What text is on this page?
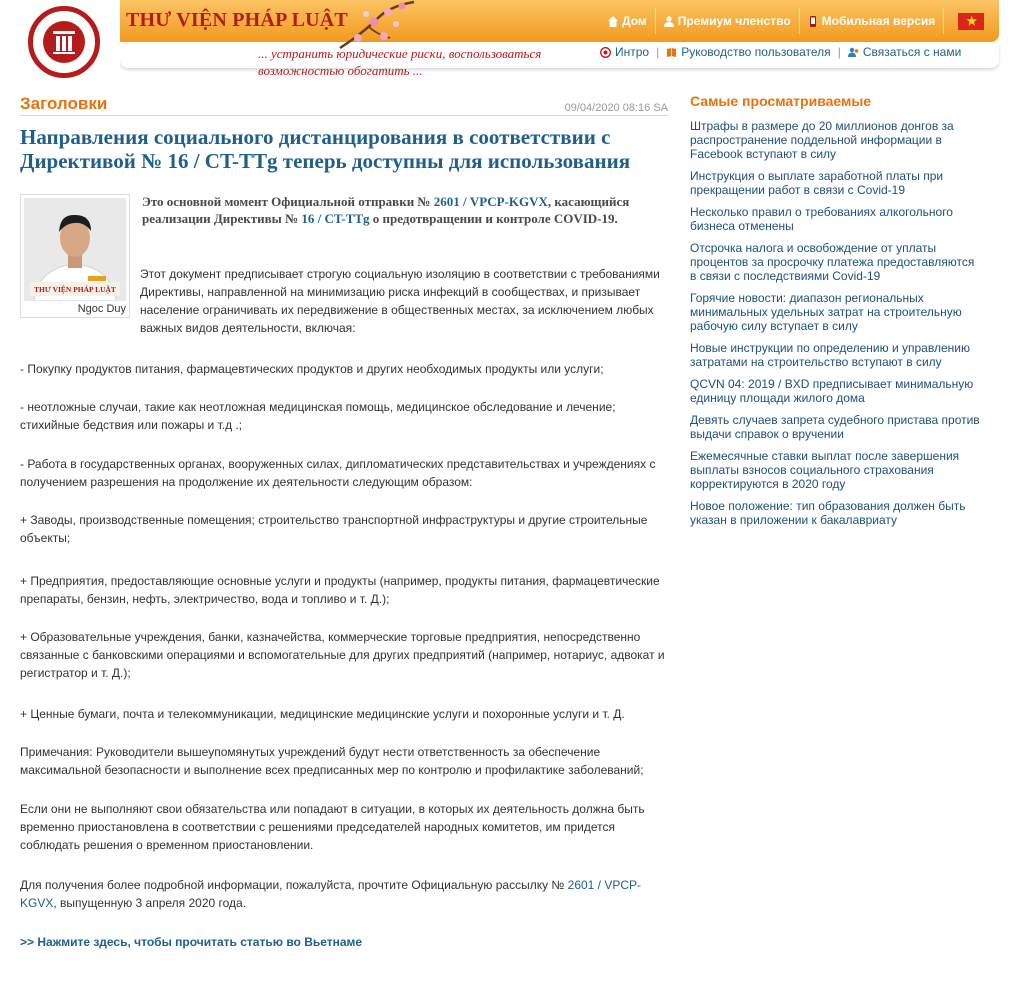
THƯ VIỆN PHÁP LUẬT
... устранить юридические риски, воспользоваться возможностью обогатить ...
Дом	Премиум членство	Мобильная версия	★
Интро | Руководство пользователя | Связаться с нами
Заголовки	09/04/2020 08:16 SA
Направления социального дистанцирования в соответствии с Директивой № 16 / CT-TTg теперь доступны для использования
THƯ VIỆN PHÁP LUẬT
Ngoc Duy
Это основной момент Официальной отправки № 2601 / VPCP-KGVX, касающийся реализации Директивы № 16 / CT-TTg о предотвращении и контроле COVID-19.

Этот документ предписывает строгую социальную изоляцию в соответствии с требованиями Директивы, направленной на минимизацию риска инфекций в сообществах, и призывает население ограничивать их передвижение в общественных местах, за исключением любых важных видов деятельности, включая:

- Покупку продуктов питания, фармацевтических продуктов и других необходимых продукты или услуги;

- неотложные случаи, такие как неотложная медицинская помощь, медицинское обследование и лечение; стихийные бедствия или пожары и т.д .;

- Работа в государственных органах, вооруженных силах, дипломатических представительствах и учреждениях с получением разрешения на продолжение их деятельности следующим образом:

+ Заводы, производственные помещения; строительство транспортной инфраструктуры и другие строительные объекты;

+ Предприятия, предоставляющие основные услуги и продукты (например, продукты питания, фармацевтические препараты, бензин, нефть, электричество, вода и топливо и т. Д.);

+ Образовательные учреждения, банки, казначейства, коммерческие торговые предприятия, непосредственно связанные с банковскими операциями и вспомогательные для других предприятий (например, нотариус, адвокат и регистратор и т. Д.);

+ Ценные бумаги, почта и телекоммуникации, медицинские медицинские услуги и похоронные услуги и т. Д.

Примечания: Руководители вышеупомянутых учреждений будут нести ответственность за обеспечение максимальной безопасности и выполнение всех предписанных мер по контролю и профилактике заболеваний;

Если они не выполняют свои обязательства или попадают в ситуации, в которых их деятельность должна быть временно приостановлена в соответствии с решениями председателей народных комитетов, им придется соблюдать решения о временном приостановлении.

Для получения более подробной информации, пожалуйста, прочтите Официальную рассылку № 2601 / VPCP-KGVX, выпущенную 3 апреля 2020 года.

>> Нажмите здесь, чтобы прочитать статью во Вьетнаме

Самые просматриваемые
Штрафы в размере до 20 миллионов донгов за распространение поддельной информации в Facebook вступают в силу
Инструкция о выплате заработной платы при прекращении работ в связи с Covid-19
Несколько правил о требованиях алкогольного бизнеса отменены
Отсрочка налога и освобождение от уплаты процентов за просрочку платежа предоставляются в связи с последствиями Covid-19
Горячие новости: диапазон региональных минимальных удельных затрат на строительную рабочую силу вступает в силу
Новые инструкции по определению и управлению затратами на строительство вступают в силу
QCVN 04: 2019 / BXD предписывает минимальную единицу площади жилого дома
Девять случаев запрета судебного пристава против выдачи справок о вручении
Ежемесячные ставки выплат после завершения выплаты взносов социального страхования корректируются в 2020 году
Новое положение: тип образования должен быть указан в приложении к бакалавриату
